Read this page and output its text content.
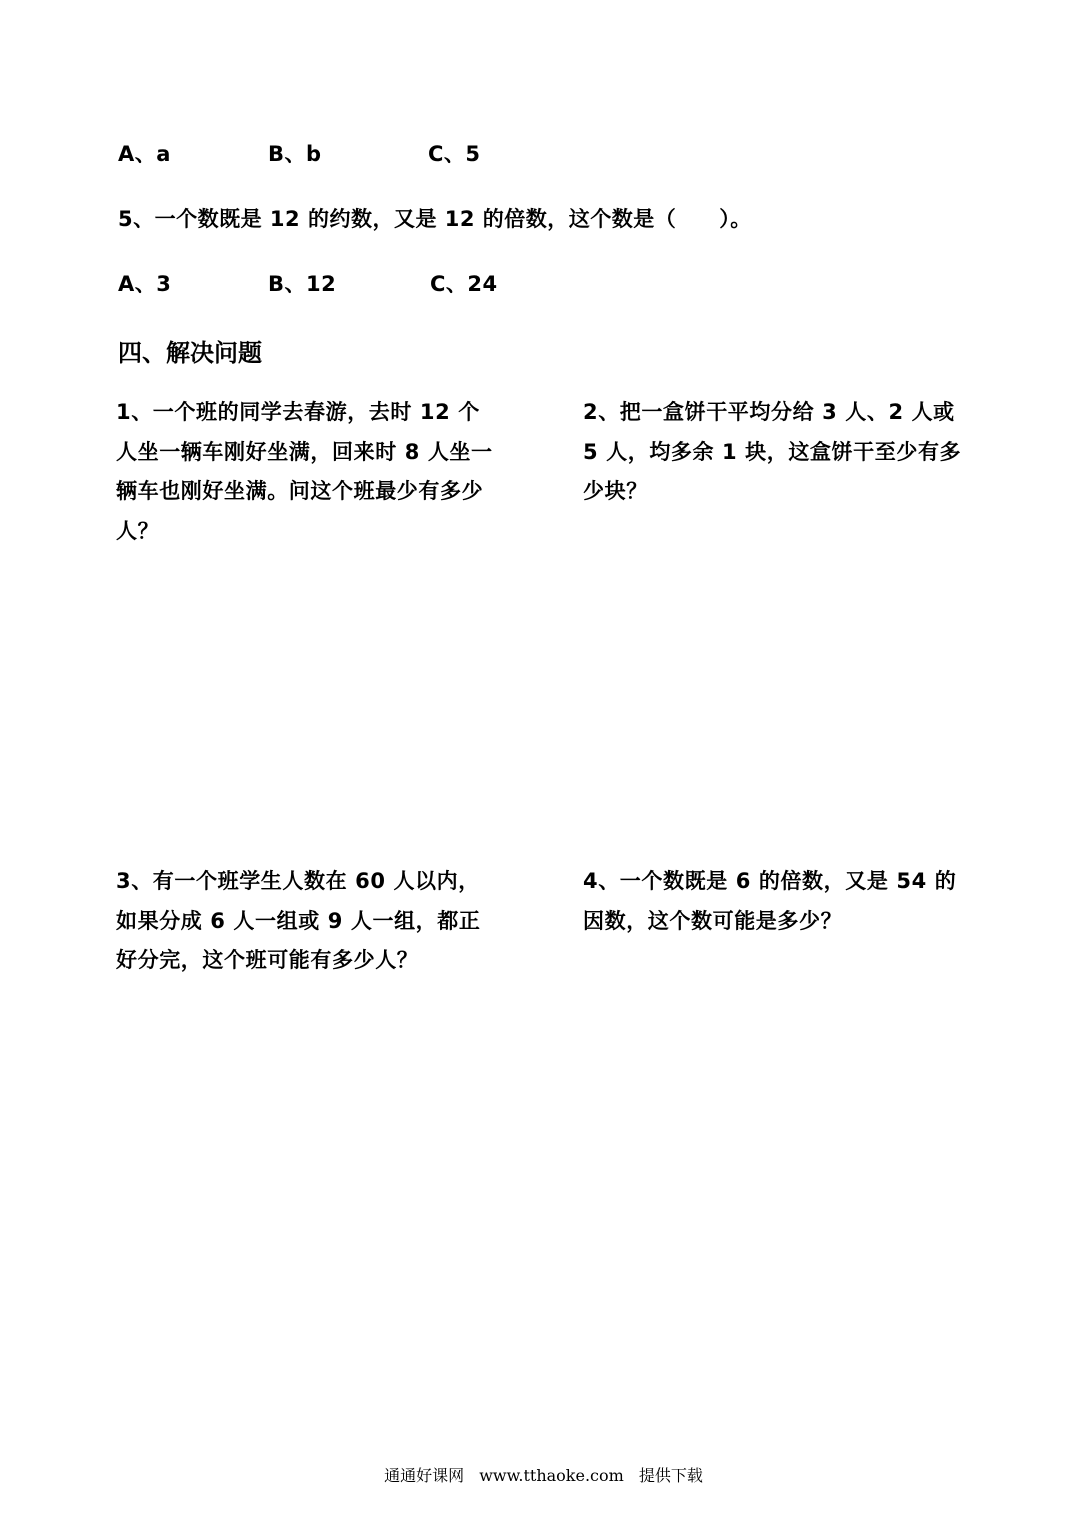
A、a	B、b	C、5
5、一个数既是 12 的约数，又是 12 的倍数，这个数是（　　）。
A、3	B、12	C、24
四、解决问题
1、一个班的同学去春游，去时 12 个人坐一辆车刚好坐满，回来时 8 人坐一辆车也刚好坐满。问这个班最少有多少人？
2、把一盒饼干平均分给 3 人、2 人或 5 人，均多余 1 块，这盒饼干至少有多少块？
3、有一个班学生人数在 60 人以内，如果分成 6 人一组或 9 人一组，都正好分完，这个班可能有多少人？
4、一个数既是 6 的倍数，又是 54 的因数，这个数可能是多少？
通通好课网 www.tthaoke.com 提供下载
